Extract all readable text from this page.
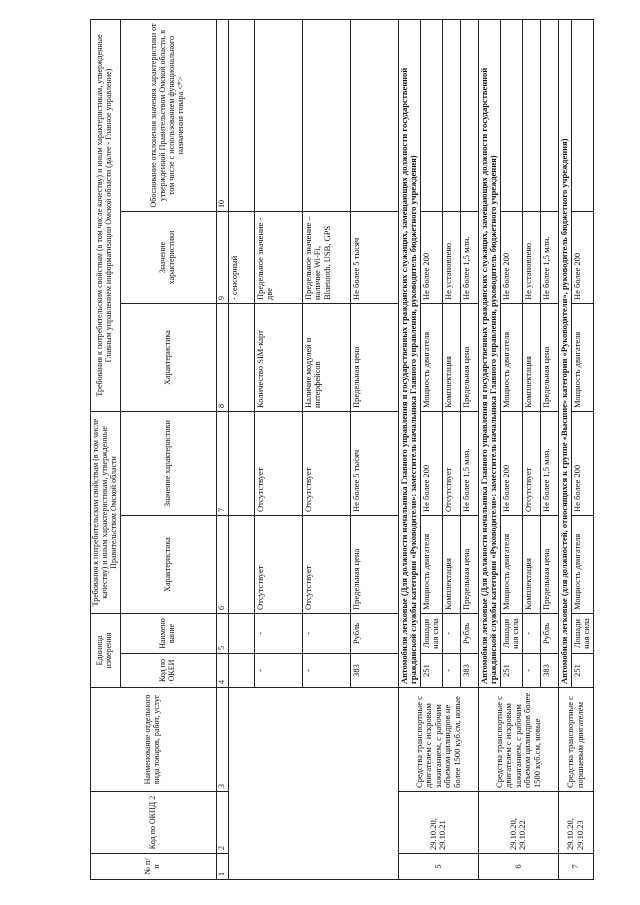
№ п/п	Код по ОКПД 2	Наименование отдельного вида товаров, работ, услуг	Единица измерения		Требования к потребительским свойствам (в том числе качеству) и иным характеристикам, утвержденные Правительством Омской области		Требования к потребительским свойствам (в том числе качеству) и иным характеристикам, утвержденные Главным управлением информатизации Омской области (далее - Главное управление)		
			Код по ОКЕИ	Наименование	Характеристика	Значение характеристики	Характеристика	Значение характеристики	Обоснование отклонения значения характеристики от утвержденной Правительством Омской области, в том числе с использованием функционального назначения товара <*>
1	2	3	4	5	6	7	8	9	10
								- сенсорный	
			-	-	Отсутствует	Отсутствует	Количество SIM-карт	Предельное значение - две	
			-	-	Отсутствует	Отсутствует	Наличие модулей и интерфейсов	Предельное значение – наличие Wi-Fi, Bluetooth, USB, GPS	
			383	Рубль	Предельная цена	Не более 5 тысяч	Предельная цена	Не более 5 тысяч	
5	29.10.20, 29.10.21	Средства транспортные с двигателем с искровым зажиганием, с рабочим объемом цилиндров не более 1500 куб.см, новые	Автомобили легковые (Для должности начальника Главного управления и государственных гражданских служащих, замещающих должности государственной гражданской службы категории «Руководители»: заместитель начальника Главного управления, руководитель бюджетного учреждения)						
			251	Лошадиная сила	Мощность двигателя	Не более 200	Мощность двигателя	Не более 200	
			-	-	Комплектация	Отсутствует	Комплектация	Не установлено	
			383	Рубль	Предельная цена	Не более 1,5 млн.	Предельная цена	Не более 1,5 млн.	
6	29.10.20, 29.10.22	Средства транспортные с двигателем с искровым зажиганием, с рабочим объемом цилиндров более 1500 куб.см, новые	Автомобили легковые (Для должности начальника Главного управления и государственных гражданских служащих, замещающих должности государственной гражданской службы категории «Руководители»: заместитель начальника Главного управления, руководитель бюджетного учреждения)						
			251	Лошадиная сила	Мощность двигателя	Не более 200	Мощность двигателя	Не более 200	
			-	-	Комплектация	Отсутствует	Комплектация	Не установлено	
			383	Рубль	Предельная цена	Не более 1,5 млн.	Предельная цена	Не более 1,5 млн.	
7	29.10.20, 29.10.23	Средства транспортные с поршневым двигателем	Автомобили легковые (для должностей, относящихся к группе «Высшие» категории «Руководители», руководитель бюджетного учреждения)						
			251	Лошадиная сила	Мощность двигателя	Не более 200	Мощность двигателя	Не более 200	
